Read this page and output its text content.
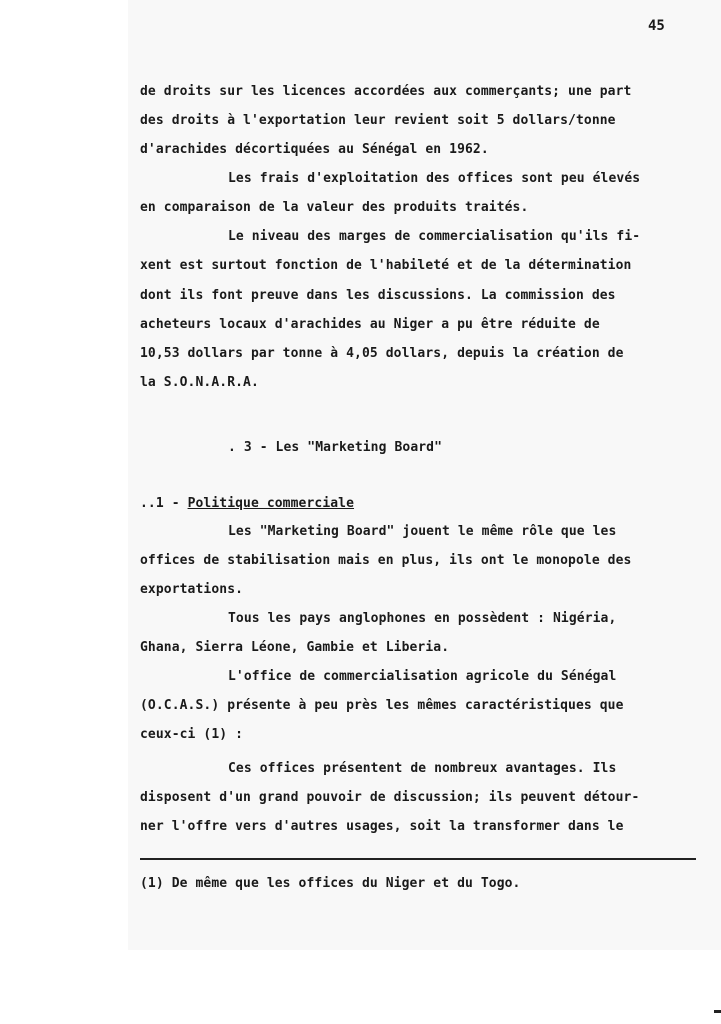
45
de droits sur les licences accordées aux commerçants; une part
des droits à l'exportation leur revient soit 5 dollars/tonne
d'arachides décortiquées au Sénégal en 1962.
Les frais d'exploitation des offices sont peu élevés
en comparaison de la valeur des produits traités.
Le niveau des marges de commercialisation qu'ils fi-
xent est surtout fonction de l'habileté et de la détermination
dont ils font preuve dans les discussions. La commission des
acheteurs locaux d'arachides au Niger a pu être réduite de
10,53 dollars par tonne à 4,05 dollars, depuis la création de
la S.O.N.A.R.A.
. 3 - Les "Marketing Board"
..1 - Politique commerciale
Les "Marketing Board" jouent le même rôle que les
offices de stabilisation mais en plus, ils ont le monopole des
exportations.
Tous les pays anglophones en possèdent : Nigéria,
Ghana, Sierra Léone, Gambie et Liberia.
L'office de commercialisation agricole du Sénégal
(O.C.A.S.) présente à peu près les mêmes caractéristiques que
ceux-ci (1) :
Ces offices présentent de nombreux avantages. Ils
disposent d'un grand pouvoir de discussion; ils peuvent détour-
ner l'offre vers d'autres usages, soit la transformer dans le
(1) De même que les offices du Niger et du Togo.
